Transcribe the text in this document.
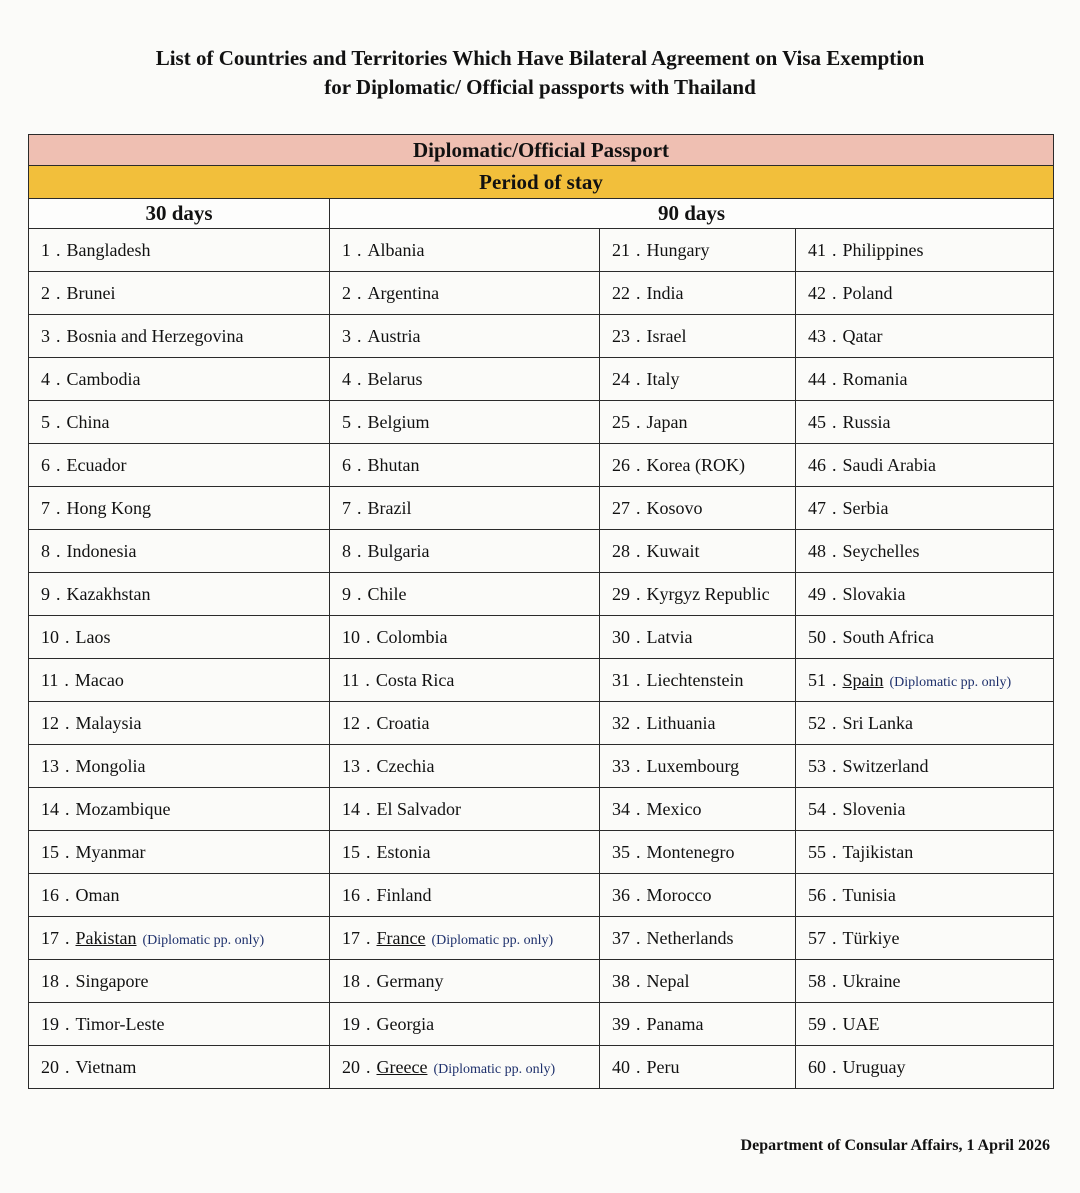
List of Countries and Territories Which Have Bilateral Agreement on Visa Exemption
for Diplomatic/ Official passports with Thailand
Diplomatic/Official Passport			
Period of stay			
30 days	90 days		
1 . Bangladesh	1 . Albania	21 . Hungary	41 . Philippines
2 . Brunei	2 . Argentina	22 . India	42 . Poland
3 . Bosnia and Herzegovina	3 . Austria	23 . Israel	43 . Qatar
4 . Cambodia	4 . Belarus	24 . Italy	44 . Romania
5 . China	5 . Belgium	25 . Japan	45 . Russia
6 . Ecuador	6 . Bhutan	26 . Korea (ROK)	46 . Saudi Arabia
7 . Hong Kong	7 . Brazil	27 . Kosovo	47 . Serbia
8 . Indonesia	8 . Bulgaria	28 . Kuwait	48 . Seychelles
9 . Kazakhstan	9 . Chile	29 . Kyrgyz Republic	49 . Slovakia
10 . Laos	10 . Colombia	30 . Latvia	50 . South Africa
11 . Macao	11 . Costa Rica	31 . Liechtenstein	51 . Spain (Diplomatic pp. only)
12 . Malaysia	12 . Croatia	32 . Lithuania	52 . Sri Lanka
13 . Mongolia	13 . Czechia	33 . Luxembourg	53 . Switzerland
14 . Mozambique	14 . El Salvador	34 . Mexico	54 . Slovenia
15 . Myanmar	15 . Estonia	35 . Montenegro	55 . Tajikistan
16 . Oman	16 . Finland	36 . Morocco	56 . Tunisia
17 . Pakistan (Diplomatic pp. only)	17 . France (Diplomatic pp. only)	37 . Netherlands	57 . Türkiye
18 . Singapore	18 . Germany	38 . Nepal	58 . Ukraine
19 . Timor-Leste	19 . Georgia	39 . Panama	59 . UAE
20 . Vietnam	20 . Greece (Diplomatic pp. only)	40 . Peru	60 . Uruguay
Department of Consular Affairs, 1 April 2026
